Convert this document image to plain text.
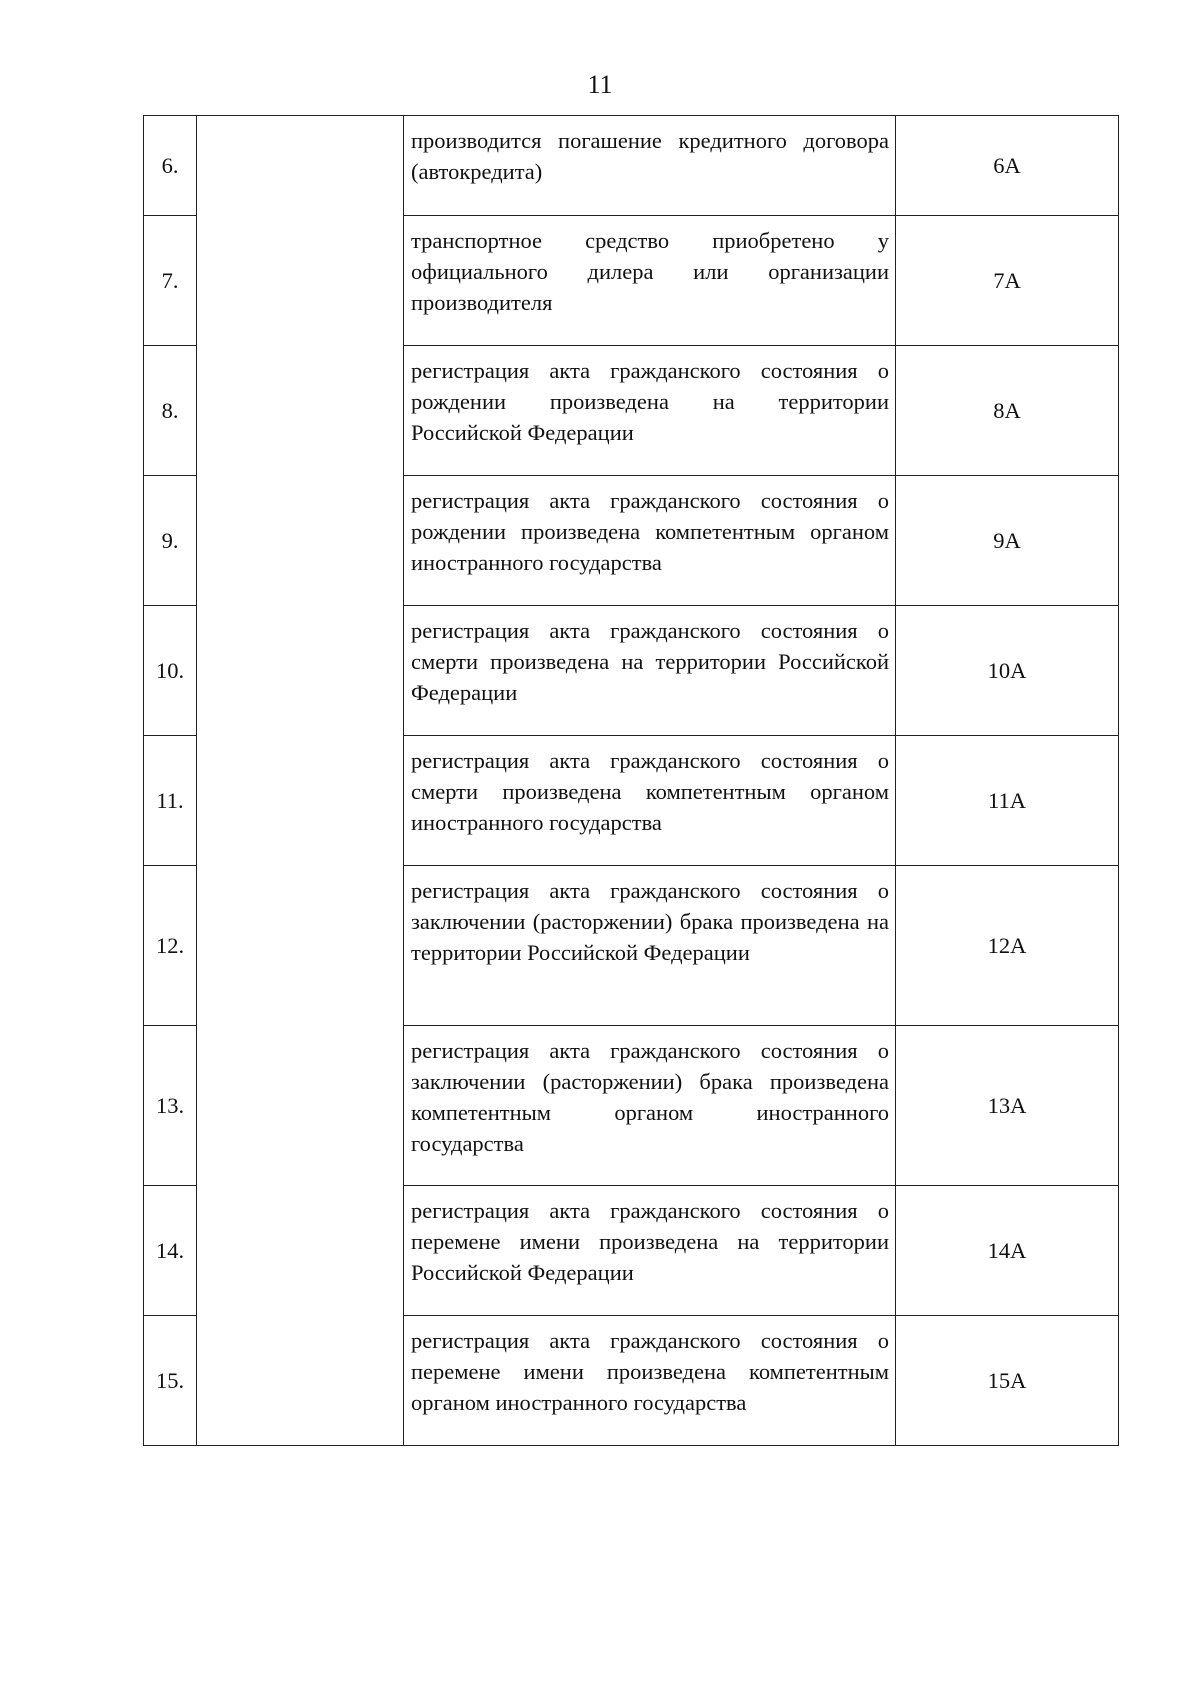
11
6.		производится погашение кредитного договора (автокредита)	6А
7.		транспортное средство приобретено у официального дилера или организации производителя	7А
8.		регистрация акта гражданского состояния о рождении произведена на территории Российской Федерации	8А
9.		регистрация акта гражданского состояния о рождении произведена компетентным органом иностранного государства	9А
10.		регистрация акта гражданского состояния о смерти произведена на территории Российской Федерации	10А
11.		регистрация акта гражданского состояния о смерти произведена компетентным органом иностранного государства	11А
12.		регистрация акта гражданского состояния о заключении (расторжении) брака произведена на территории Российской Федерации	12А
13.		регистрация акта гражданского состояния о заключении (расторжении) брака произведена компетентным органом иностранного государства	13А
14.		регистрация акта гражданского состояния о перемене имени произведена на территории Российской Федерации	14А
15.		регистрация акта гражданского состояния о перемене имени произведена компетентным органом иностранного государства	15А
